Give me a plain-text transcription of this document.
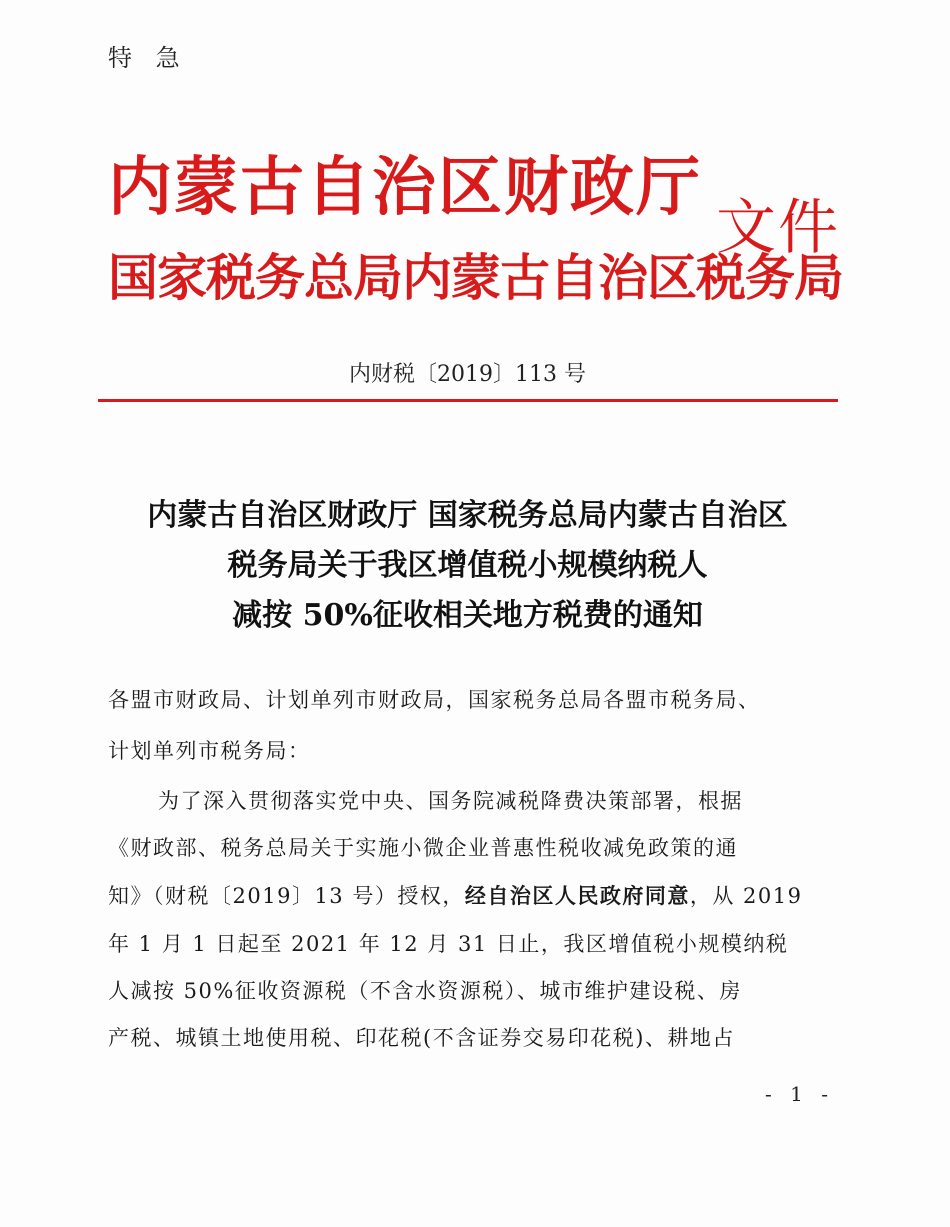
特 急
内蒙古自治区财政厅
国家税务总局内蒙古自治区税务局
文件
内财税〔2019〕113 号
内蒙古自治区财政厅 国家税务总局内蒙古自治区
税务局关于我区增值税小规模纳税人
减按 50%征收相关地方税费的通知
各盟市财政局、计划单列市财政局，国家税务总局各盟市税务局、
计划单列市税务局：
为了深入贯彻落实党中央、国务院减税降费决策部署，根据
《财政部、税务总局关于实施小微企业普惠性税收减免政策的通
知》（财税〔2019〕13 号）授权，经自治区人民政府同意，从 2019
年 1 月 1 日起至 2021 年 12 月 31 日止，我区增值税小规模纳税
人减按 50%征收资源税（不含水资源税）、城市维护建设税、房
产税、城镇土地使用税、印花税(不含证券交易印花税)、耕地占
- 1 -
